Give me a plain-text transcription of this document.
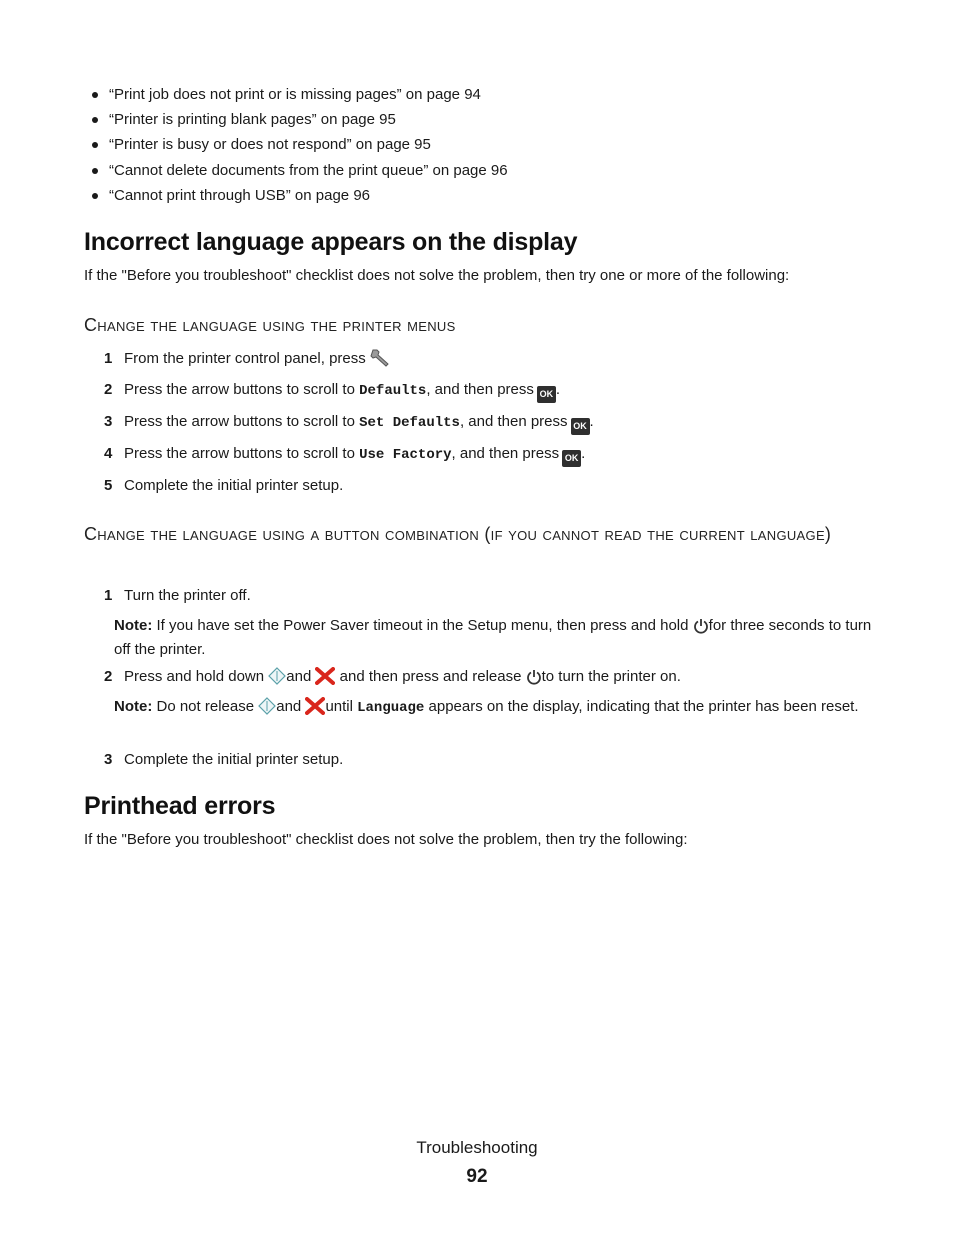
“Print job does not print or is missing pages” on page 94
“Printer is printing blank pages” on page 95
“Printer is busy or does not respond” on page 95
“Cannot delete documents from the print queue” on page 96
“Cannot print through USB” on page 96
Incorrect language appears on the display

If the "Before you troubleshoot" checklist does not solve the problem, then try one or more of the following:

Change the language using the printer menus
1 From the printer control panel, press
2 Press the arrow buttons to scroll to Defaults, and then press OK .
3 Press the arrow buttons to scroll to Set Defaults, and then press OK .
4 Press the arrow buttons to scroll to Use Factory, and then press OK .
5 Complete the initial printer setup.
Change the language using a button combination (if you cannot read the current language)
1 Turn the printer off.

Note: If you have set the Power Saver timeout in the Setup menu, then press and hold for three seconds to turn off the printer.

2 Press and hold down and  and then press and release to turn the printer on.

Note: Do not release and until Language appears on the display, indicating that the printer has been reset.

3 Complete the initial printer setup.
Printhead errors

If the "Before you troubleshoot" checklist does not solve the problem, then try the following:

Troubleshooting
92
